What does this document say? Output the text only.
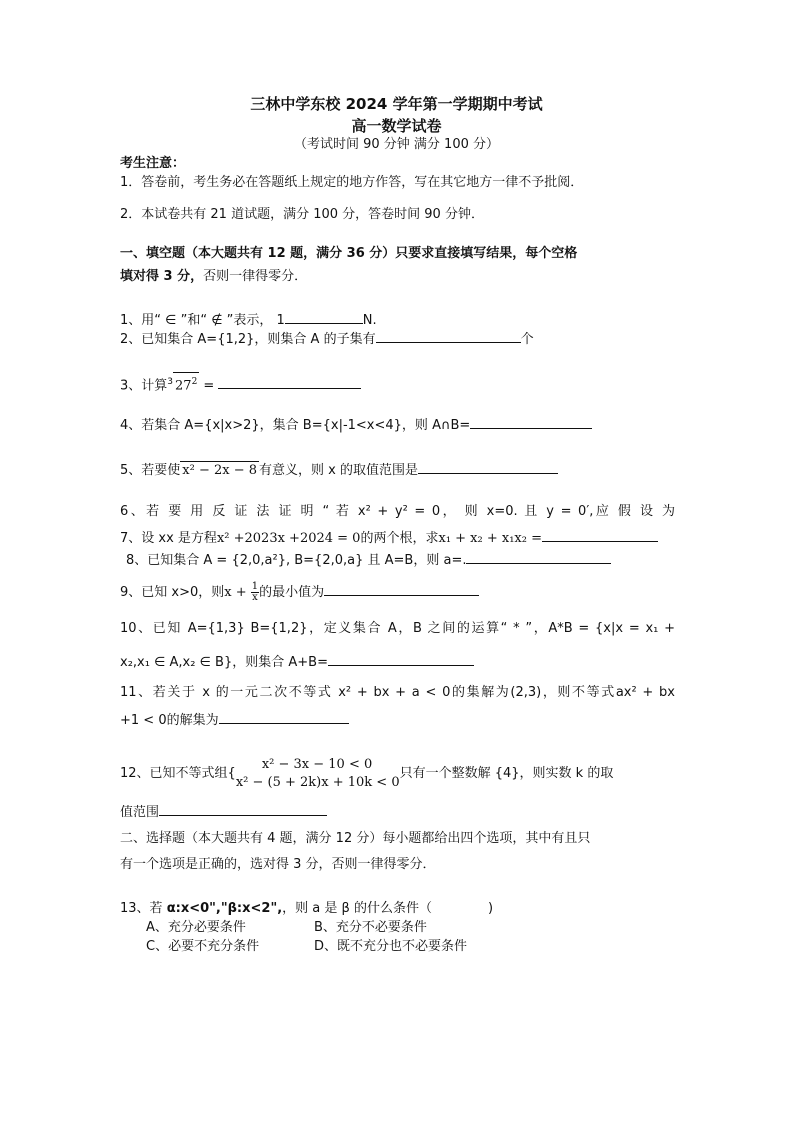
三林中学东校 2024 学年第一学期期中考试
高一数学试卷
（考试时间 90 分钟 满分 100 分）
考生注意：
1．答卷前，考生务必在答题纸上规定的地方作答，写在其它地方一律不予批阅．
2．本试卷共有 21 道试题，满分 100 分，答卷时间 90 分钟．
一、填空题（本大题共有 12 题，满分 36 分）只要求直接填写结果，每个空格
填对得 3 分，否则一律得零分．
1、用“ ∈ ”和“ ∉ ”表示， 1	N.
2、已知集合 A={1,2}，则集合 A 的子集有	个
3、计算$^3$ $27^2$ =
4、若集合 A={x|x>2}，集合 B={x|-1<x<4}，则 A∩B=
5、若要使 x² − 2x − 8 有意义，则 x 的取值范围是
6、若 要 用 反 证 法 证 明 “ 若 x² + y² = 0， 则 x=0. 且 y = 0′,应 假 设 为
7、设 xx 是方程x² +2023x +2024 = 0的两个根，求x₁ + x₂ + x₁x₂ =
8、已知集合 A = {2,0,a²}, B={2,0,a} 且 A=B，则 a=.
9、已知 x>0，则$x + \frac{1}{x}$ 的最小值为
10、已知 A={1,3} B={1,2}，定义集合 A，B 之间的运算“ * ”，A*B = {x|x = x₁ +
x₂,x₁ ∈ A,x₂ ∈ B}，则集合 A+B=
11、若关于 x 的一元二次不等式 x² + bx + a < 0的集解为(2,3)，则不等式ax² + bx
+1 < 0的解集为
12、已知不等式组{
x² − 3x − 10 < 0
x² − (5 + 2k)x + 10k < 0
只有一个整数解 {4}，则实数 k 的取
值范围
二、选择题（本大题共有 4 题，满分 12 分）每小题都给出四个选项，其中有且只
有一个选项是正确的，选对得 3 分，否则一律得零分．
13、若 α:x<0","β:x<2",，则 a 是 β 的什么条件（	)
A、充分必要条件	B、充分不必要条件
C、必要不充分条件	D、既不充分也不必要条件
